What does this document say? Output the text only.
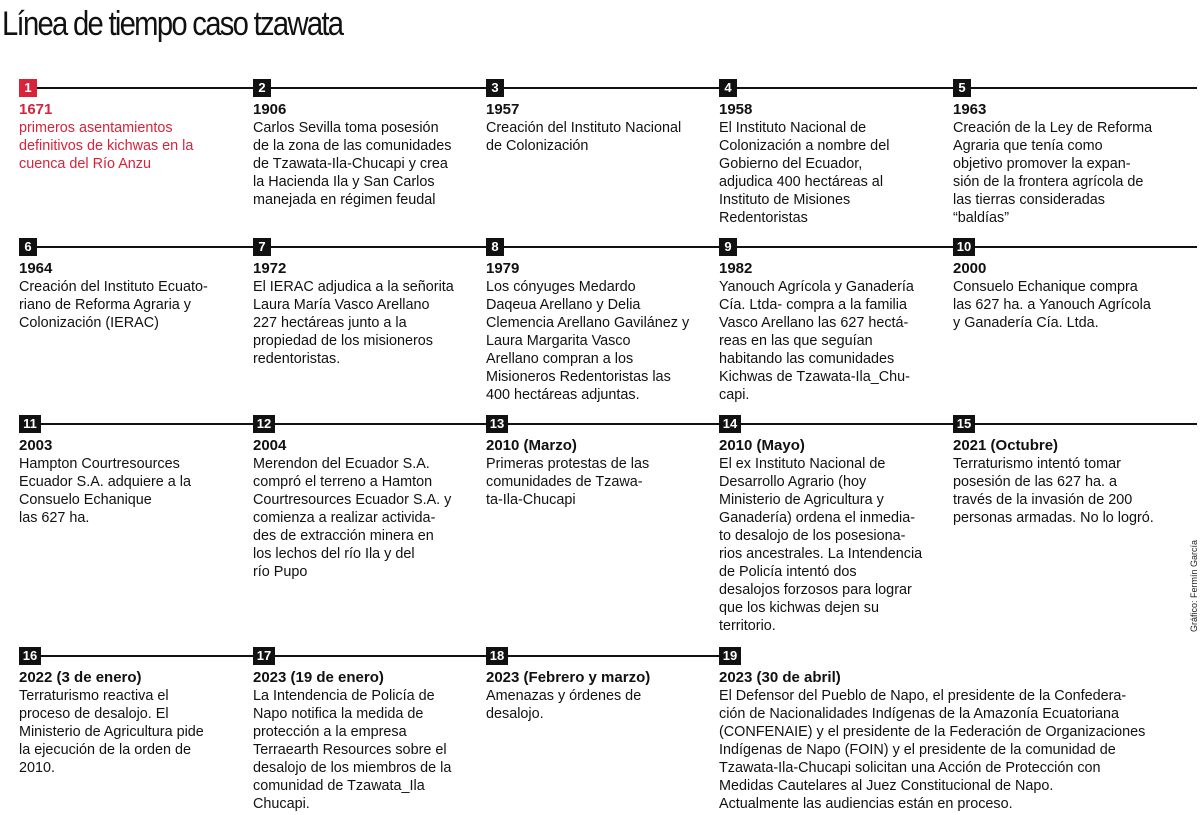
Línea de tiempo caso tzawata
1
1671

primeros asentamientos
definitivos de kichwas en la
cuenca del Río Anzu

2
1906

Carlos Sevilla toma posesión
de la zona de las comunidades
de Tzawata-Ila-Chucapi y crea
la Hacienda Ila y San Carlos
manejada en régimen feudal

3
1957

Creación del Instituto Nacional
de Colonización

4
1958

El Instituto Nacional de
Colonización a nombre del
Gobierno del Ecuador,
adjudica 400 hectáreas al
Instituto de Misiones
Redentoristas

5
1963

Creación de la Ley de Reforma
Agraria que tenía como
objetivo promover la expan-
sión de la frontera agrícola de
las tierras consideradas
“baldías”

6
1964

Creación del Instituto Ecuato-
riano de Reforma Agraria y
Colonización (IERAC)

7
1972

El IERAC adjudica a la señorita
Laura María Vasco Arellano
227 hectáreas junto a la
propiedad de los misioneros
redentoristas.

8
1979

Los cónyuges Medardo
Daqeua Arellano y Delia
Clemencia Arellano Gavilánez y
Laura Margarita Vasco
Arellano compran a los
Misioneros Redentoristas las
400 hectáreas adjuntas.

9
1982

Yanouch Agrícola y Ganadería
Cía. Ltda- compra a la familia
Vasco Arellano las 627 hectá-
reas en las que seguían
habitando las comunidades
Kichwas de Tzawata-Ila_Chu-
capi.

10
2000

Consuelo Echanique compra
las 627 ha. a Yanouch Agrícola
y Ganadería Cía. Ltda.

11
2003

Hampton Courtresources
Ecuador S.A. adquiere a la
Consuelo Echanique
las 627 ha.

12
2004

Merendon del Ecuador S.A.
compró el terreno a Hamton
Courtresources Ecuador S.A. y
comienza a realizar activida-
des de extracción minera en
los lechos del río Ila y del
río Pupo

13
2010 (Marzo)

Primeras protestas de las
comunidades de Tzawa-
ta-Ila-Chucapi

14
2010 (Mayo)

El ex Instituto Nacional de
Desarrollo Agrario (hoy
Ministerio de Agricultura y
Ganadería) ordena el inmedia-
to desalojo de los posesiona-
rios ancestrales. La Intendencia
de Policía intentó dos
desalojos forzosos para lograr
que los kichwas dejen su
territorio.

15
2021 (Octubre)

Terraturismo intentó tomar
posesión de las 627 ha. a
través de la invasión de 200
personas armadas. No lo logró.

16
2022 (3 de enero)

Terraturismo reactiva el
proceso de desalojo. El
Ministerio de Agricultura pide
la ejecución de la orden de
2010.

17
2023 (19 de enero)

La Intendencia de Policía de
Napo notifica la medida de
protección a la empresa
Terraearth Resources sobre el
desalojo de los miembros de la
comunidad de Tzawata_Ila
Chucapi.

18
2023 (Febrero y marzo)

Amenazas y órdenes de
desalojo.

19
2023 (30 de abril)

El Defensor del Pueblo de Napo, el presidente de la Confedera-
ción de Nacionalidades Indígenas de la Amazonía Ecuatoriana
(CONFENAIE) y el presidente de la Federación de Organizaciones
Indígenas de Napo (FOIN) y el presidente de la comunidad de
Tzawata-Ila-Chucapi solicitan una Acción de Protección con
Medidas Cautelares al Juez Constitucional de Napo.
Actualmente las audiencias están en proceso.

Gráfico: Fermín García
